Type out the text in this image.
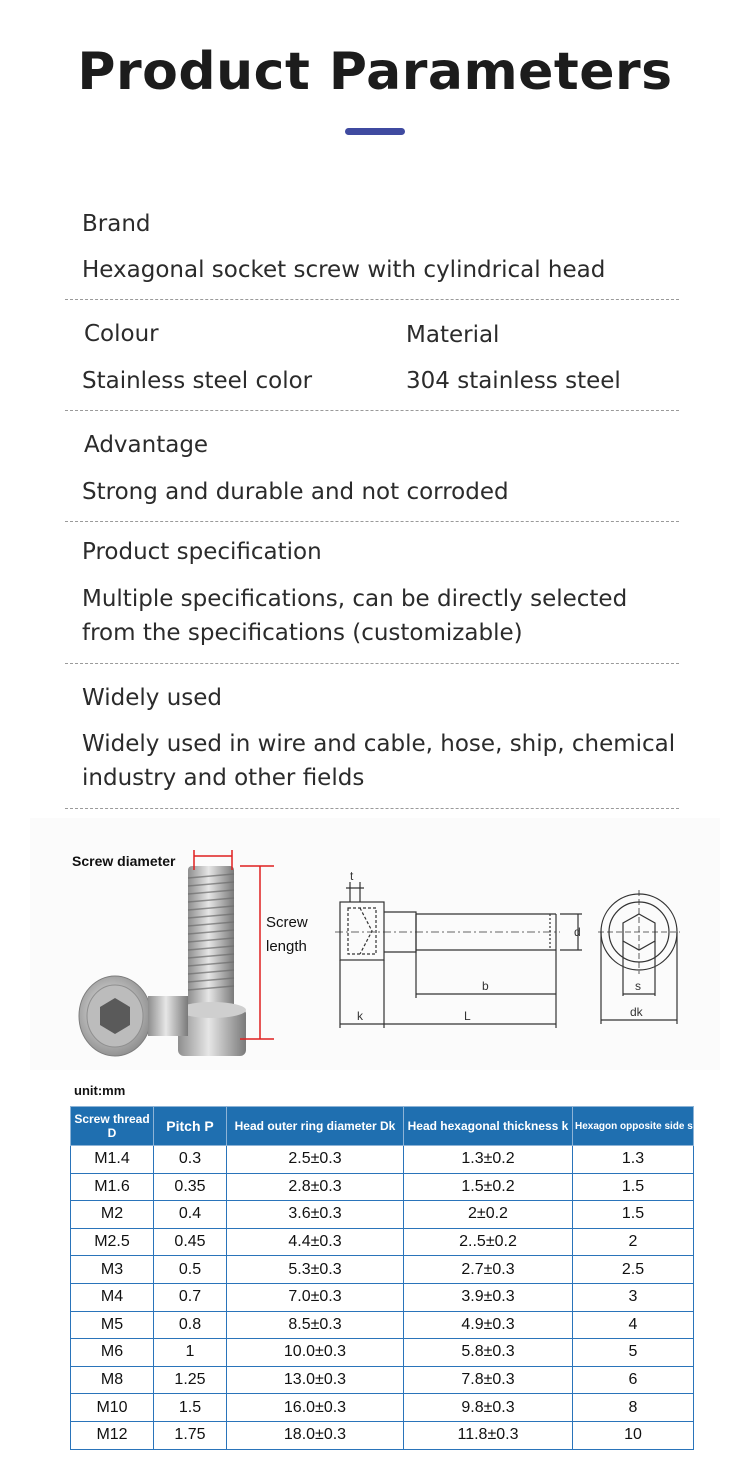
Product Parameters
Brand
Hexagonal socket screw with cylindrical head
Colour
Stainless steel color
Material
304 stainless steel
Advantage
Strong and durable and not corroded
Product specification
Multiple specifications, can be directly selected from the specifications (customizable)
Widely used
Widely used in wire and cable, hose, ship, chemical industry and other fields
Screw diameter
Screw length
t
d
b
k	L
s
dk
unit:mm
Screw thread D	Pitch P	Head outer ring diameter Dk	Head hexagonal thickness k	Hexagon opposite side s
M1.4	0.3	2.5±0.3	1.3±0.2	1.3
M1.6	0.35	2.8±0.3	1.5±0.2	1.5
M2	0.4	3.6±0.3	2±0.2	1.5
M2.5	0.45	4.4±0.3	2..5±0.2	2
M3	0.5	5.3±0.3	2.7±0.3	2.5
M4	0.7	7.0±0.3	3.9±0.3	3
M5	0.8	8.5±0.3	4.9±0.3	4
M6	1	10.0±0.3	5.8±0.3	5
M8	1.25	13.0±0.3	7.8±0.3	6
M10	1.5	16.0±0.3	9.8±0.3	8
M12	1.75	18.0±0.3	11.8±0.3	10
